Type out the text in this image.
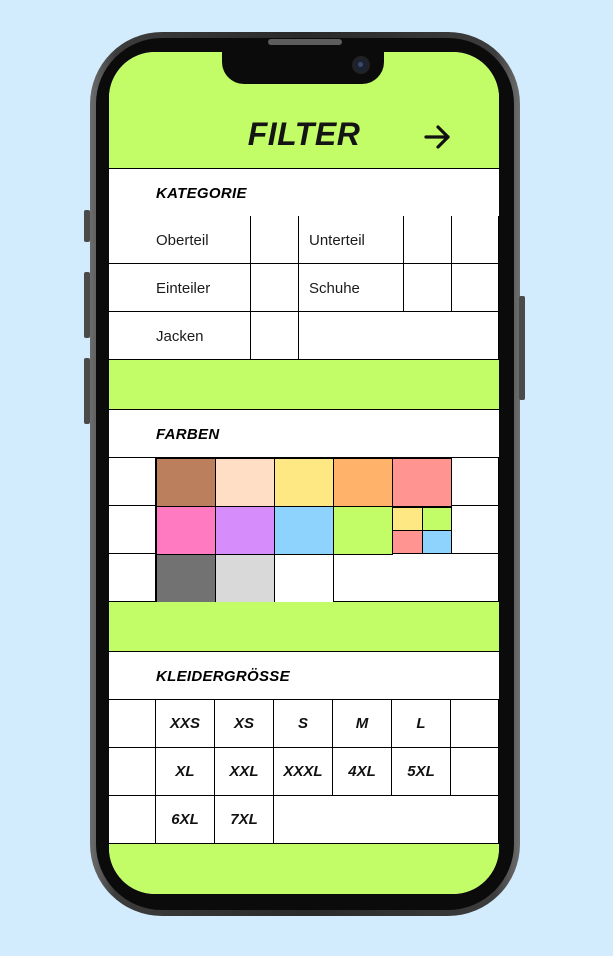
FILTER
KATEGORIE
Oberteil	Unterteil
Einteiler	Schuhe
Jacken
FARBEN
KLEIDERGRÖSSE
XXS	XS	S	M	L
XL	XXL	XXXL	4XL	5XL
6XL	7XL
